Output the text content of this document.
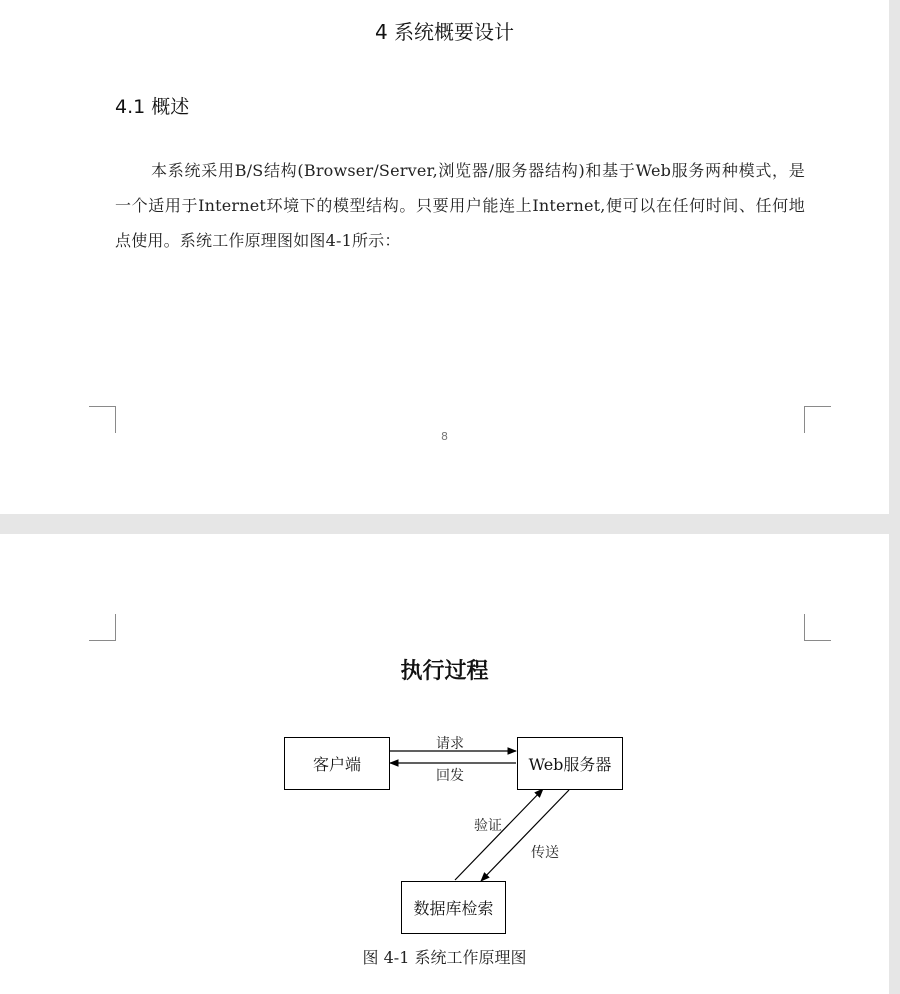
4 系统概要设计
4.1 概述
本系统采用B/S结构(Browser/Server,浏览器/服务器结构)和基于Web服务两种模式，是一个适用于Internet环境下的模型结构。只要用户能连上Internet,便可以在任何时间、任何地点使用。系统工作原理图如图4-1所示：
8
执行过程
客户端	Web服务器
数据库检索
请求
回发
验证
传送
图 4-1 系统工作原理图
